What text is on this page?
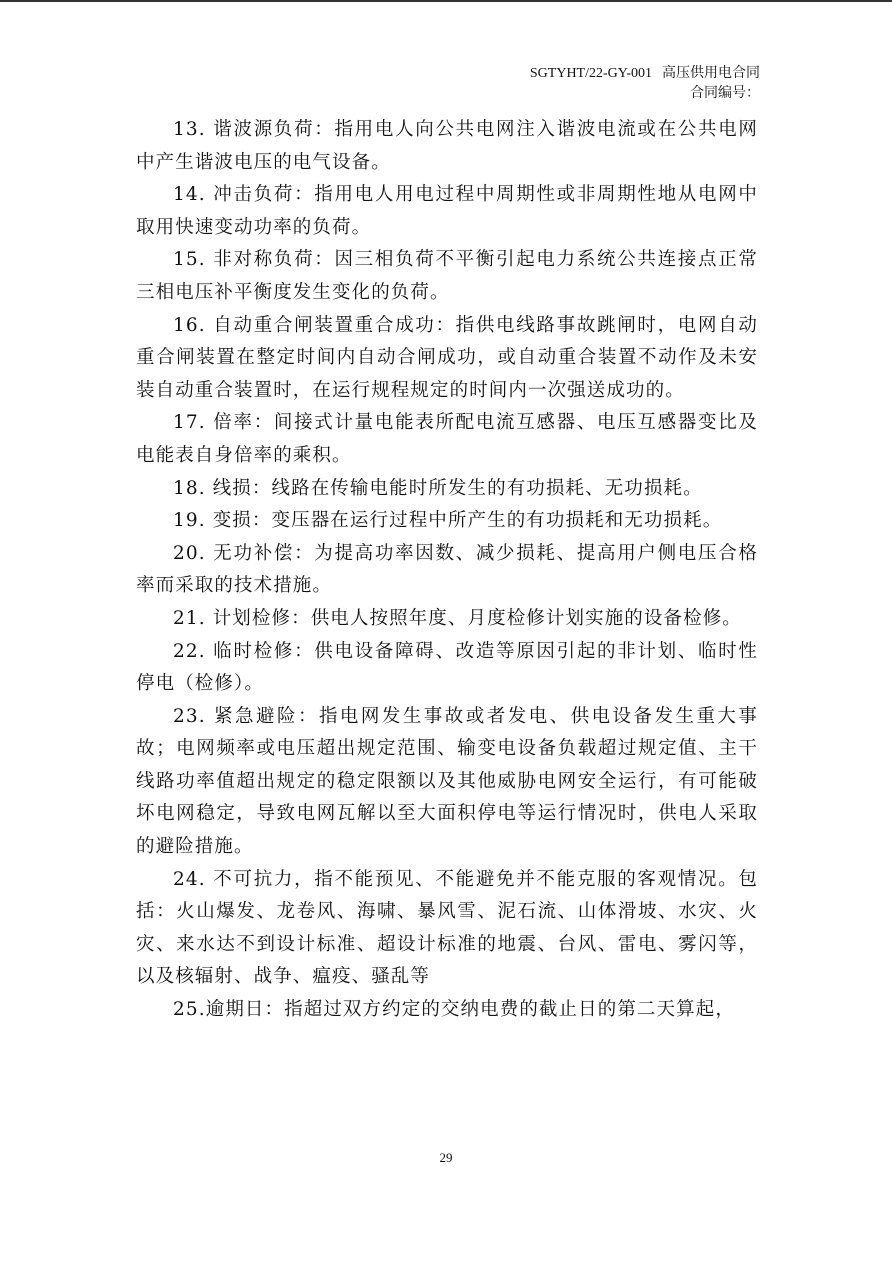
SGTYHT/22-GY-001 高压供用电合同
合同编号：

13. 谐波源负荷：指用电人向公共电网注入谐波电流或在公共电网中产生谐波电压的电气设备。

14. 冲击负荷：指用电人用电过程中周期性或非周期性地从电网中取用快速变动功率的负荷。

15. 非对称负荷：因三相负荷不平衡引起电力系统公共连接点正常三相电压补平衡度发生变化的负荷。

16. 自动重合闸装置重合成功：指供电线路事故跳闸时，电网自动重合闸装置在整定时间内自动合闸成功，或自动重合装置不动作及未安装自动重合装置时，在运行规程规定的时间内一次强送成功的。

17. 倍率：间接式计量电能表所配电流互感器、电压互感器变比及电能表自身倍率的乘积。

18. 线损：线路在传输电能时所发生的有功损耗、无功损耗。

19. 变损：变压器在运行过程中所产生的有功损耗和无功损耗。

20. 无功补偿：为提高功率因数、减少损耗、提高用户侧电压合格率而采取的技术措施。

21. 计划检修：供电人按照年度、月度检修计划实施的设备检修。

22. 临时检修：供电设备障碍、改造等原因引起的非计划、临时性停电（检修）。

23. 紧急避险：指电网发生事故或者发电、供电设备发生重大事故；电网频率或电压超出规定范围、输变电设备负载超过规定值、主干线路功率值超出规定的稳定限额以及其他威胁电网安全运行，有可能破坏电网稳定，导致电网瓦解以至大面积停电等运行情况时，供电人采取的避险措施。

24. 不可抗力，指不能预见、不能避免并不能克服的客观情况。包括：火山爆发、龙卷风、海啸、暴风雪、泥石流、山体滑坡、水灾、火灾、来水达不到设计标准、超设计标准的地震、台风、雷电、雾闪等，以及核辐射、战争、瘟疫、骚乱等

25.逾期日：指超过双方约定的交纳电费的截止日的第二天算起，

29
